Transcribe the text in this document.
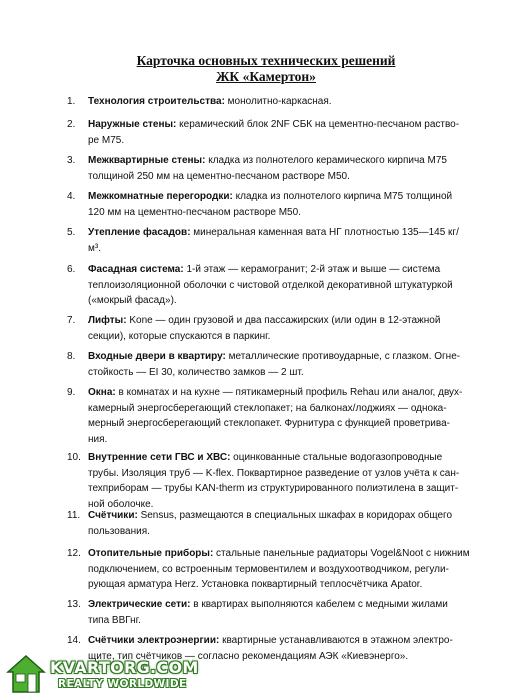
Карточка основных технических решений
ЖК «Камертон»
1. Технология строительства: монолитно-каркасная.
2. Наружные стены: керамический блок 2NF СБК на цементно-песчаном раство-
ре М75.
3. Межквартирные стены: кладка из полнотелого керамического кирпича М75
толщиной 250 мм на цементно-песчаном растворе М50.
4. Межкомнатные перегородки: кладка из полнотелого кирпича М75 толщиной
120 мм на цементно-песчаном растворе М50.
5. Утепление фасадов: минеральная каменная вата НГ плотностью 135—145 кг/
м³.
6. Фасадная система: 1-й этаж — керамогранит; 2-й этаж и выше — система
теплоизоляционной оболочки с чистовой отделкой декоративной штукатуркой
(«мокрый фасад»).
7. Лифты: Kone — один грузовой и два пассажирских (или один в 12-этажной
секции), которые спускаются в паркинг.
8. Входные двери в квартиру: металлические противоударные, с глазком. Огне-
стойкость — EI 30, количество замков — 2 шт.
9. Окна: в комнатах и на кухне — пятикамерный профиль Rehau или аналог, двух-
камерный энергосберегающий стеклопакет; на балконах/лоджиях — однока-
мерный энергосберегающий стеклопакет. Фурнитура с функцией проветрива-
ния.
10. Внутренние сети ГВС и ХВС: оцинкованные стальные водогазопроводные
трубы. Изоляция труб — K-flex. Поквартирное разведение от узлов учёта к сан-
техприборам — трубы KAN-therm из структурированного полиэтилена в защит-
ной оболочке.
11. Счётчики: Sensus, размещаются в специальных шкафах в коридорах общего
пользования.
12. Отопительные приборы: стальные панельные радиаторы Vogel&Noot с нижним
подключением, со встроенным термовентилем и воздухоотводчиком, регули-
рующая арматура Herz. Установка поквартирный теплосчётчика Apator.
13. Электрические сети: в квартирах выполняются кабелем с медными жилами
типа ВВГнг.
14. Счётчики электроэнергии: квартирные устанавливаются в этажном электро-
щите, тип счётчиков — согласно рекомендациям АЭК «Киевэнерго».
KVARTORG.COM
REALTY WORLDWIDE
